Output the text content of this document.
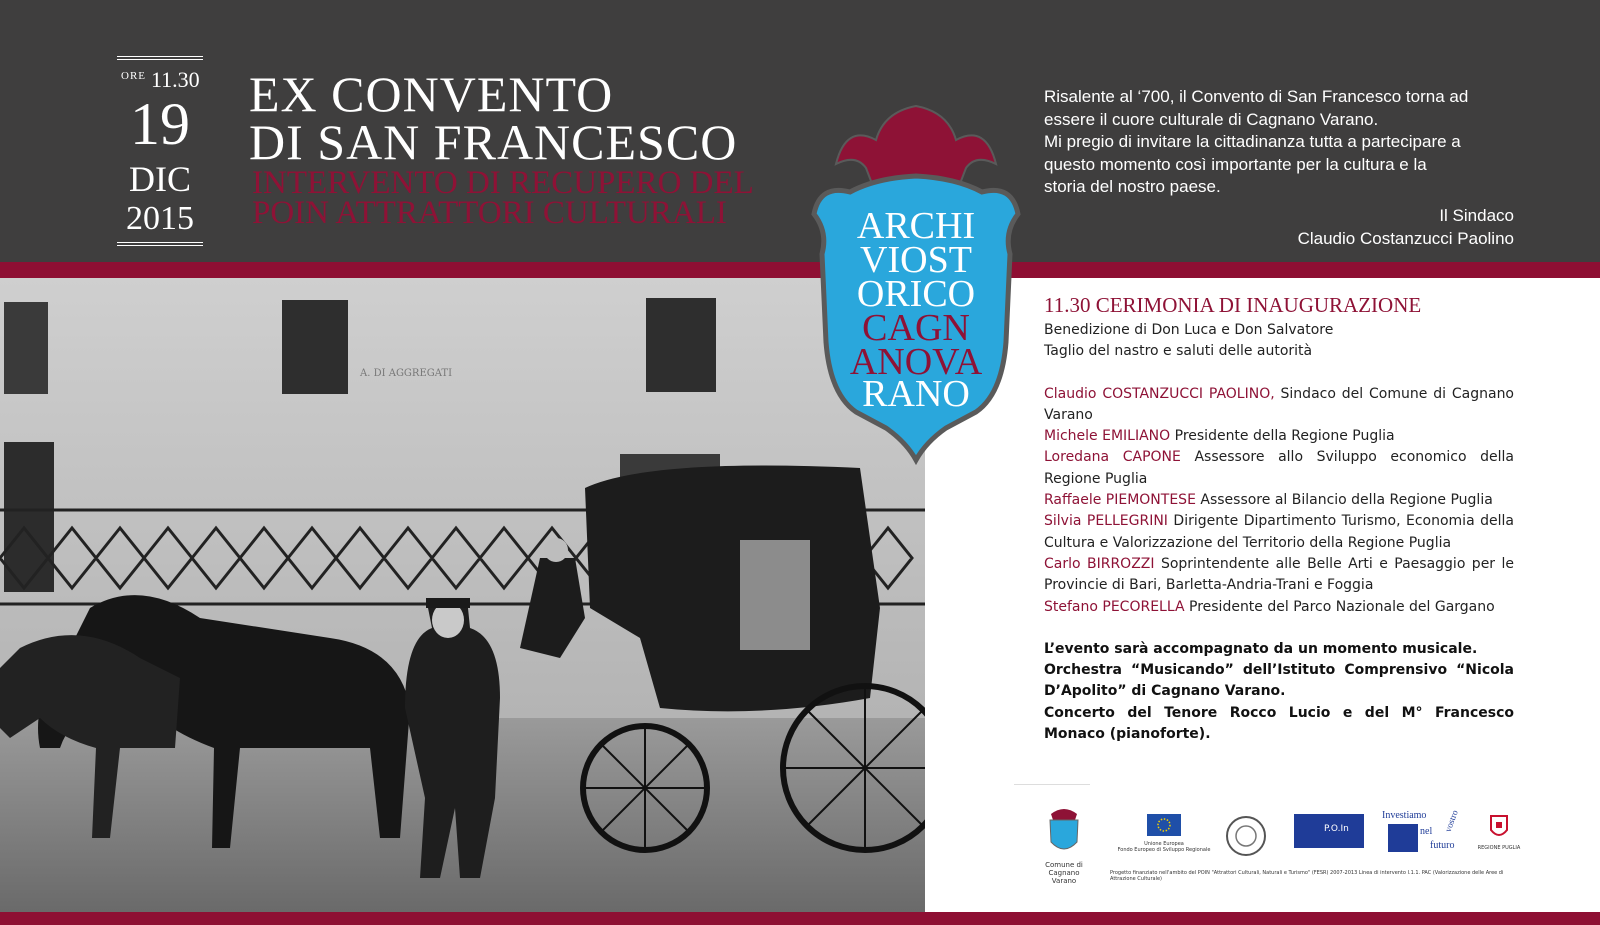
ORE 11.30
19
DIC
2015
EX CONVENTO
DI SAN FRANCESCO
INTERVENTO DI RECUPERO DEL
POIN ATTRATTORI CULTURALI
Risalente al ‘700, il Convento di San Francesco torna ad
essere il cuore culturale di Cagnano Varano.
Mi pregio di invitare la cittadinanza tutta a partecipare a
questo momento così importante per la cultura e la
storia del nostro paese.
Il Sindaco
Claudio Costanzucci Paolino
A. DI AGGREGATI
ARCHI
VIOST
ORICO
CAGN
ANOVA
RANO
11.30 CERIMONIA DI INAUGURAZIONE
Benedizione di Don Luca e Don Salvatore
Taglio del nastro e saluti delle autorità
Claudio COSTANZUCCI PAOLINO, Sindaco del Comune di Cagnano Varano
Michele EMILIANO Presidente della Regione Puglia
Loredana CAPONE Assessore allo Sviluppo economico della Regione Puglia
Raffaele PIEMONTESE Assessore al Bilancio della Regione Puglia
Silvia PELLEGRINI Dirigente Dipartimento Turismo, Economia della Cultura e Valorizzazione del Territorio della Regione Puglia
Carlo BIRROZZI Soprintendente alle Belle Arti e Paesaggio per le Provincie di Bari, Barletta-Andria-Trani e Foggia
Stefano PECORELLA Presidente del Parco Nazionale del Gargano
L’evento sarà accompagnato da un momento musicale.
Orchestra “Musicando” dell’Istituto Comprensivo “Nicola D’Apolito” di Cagnano Varano.
Concerto del Tenore Rocco Lucio e del M° Francesco Monaco (pianoforte).
Comune di
Cagnano Varano
Unione Europea
Fondo Europeo di Sviluppo Regionale
P.O.In
Investiamo
nel vostro
futuro	REGIONE PUGLIA
Progetto finanziato nell'ambito del POIN "Attrattori Culturali, Naturali e Turismo" (FESR) 2007-2013 Linea di intervento I.1.1. PAC (Valorizzazione delle Aree di Attrazione Culturale)
